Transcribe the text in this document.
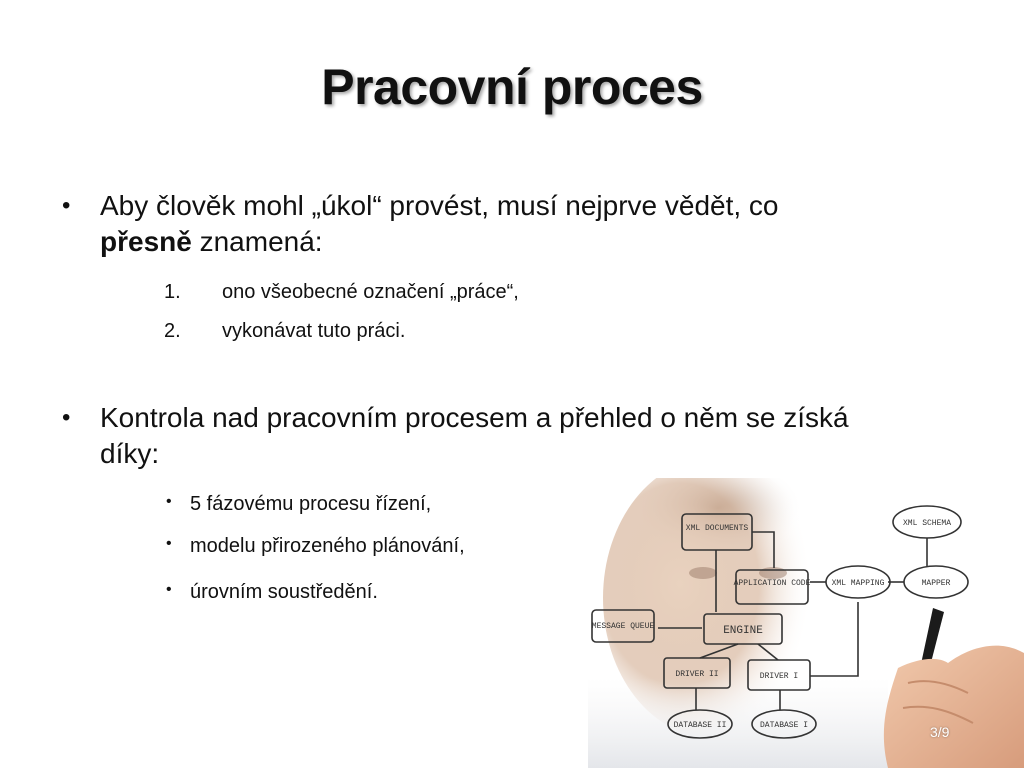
Pracovní proces
• Aby člověk mohl „úkol“ provést, musí nejprve vědět, co
přesně znamená:
1. ono všeobecné označení „práce“,
2. vykonávat tuto práci.
• Kontrola nad pracovním procesem a přehled o něm se získá
díky:
XML DOCUMENTS
XML SCHEMA
APPLICATION CODE	XML MAPPING	MAPPER
MESSAGE QUEUE	ENGINE
DRIVER II	DRIVER I
DATABASE II	DATABASE I
• 5 fázovému procesu řízení,
• modelu přirozeného plánování,
• úrovním soustředění.
3/9
